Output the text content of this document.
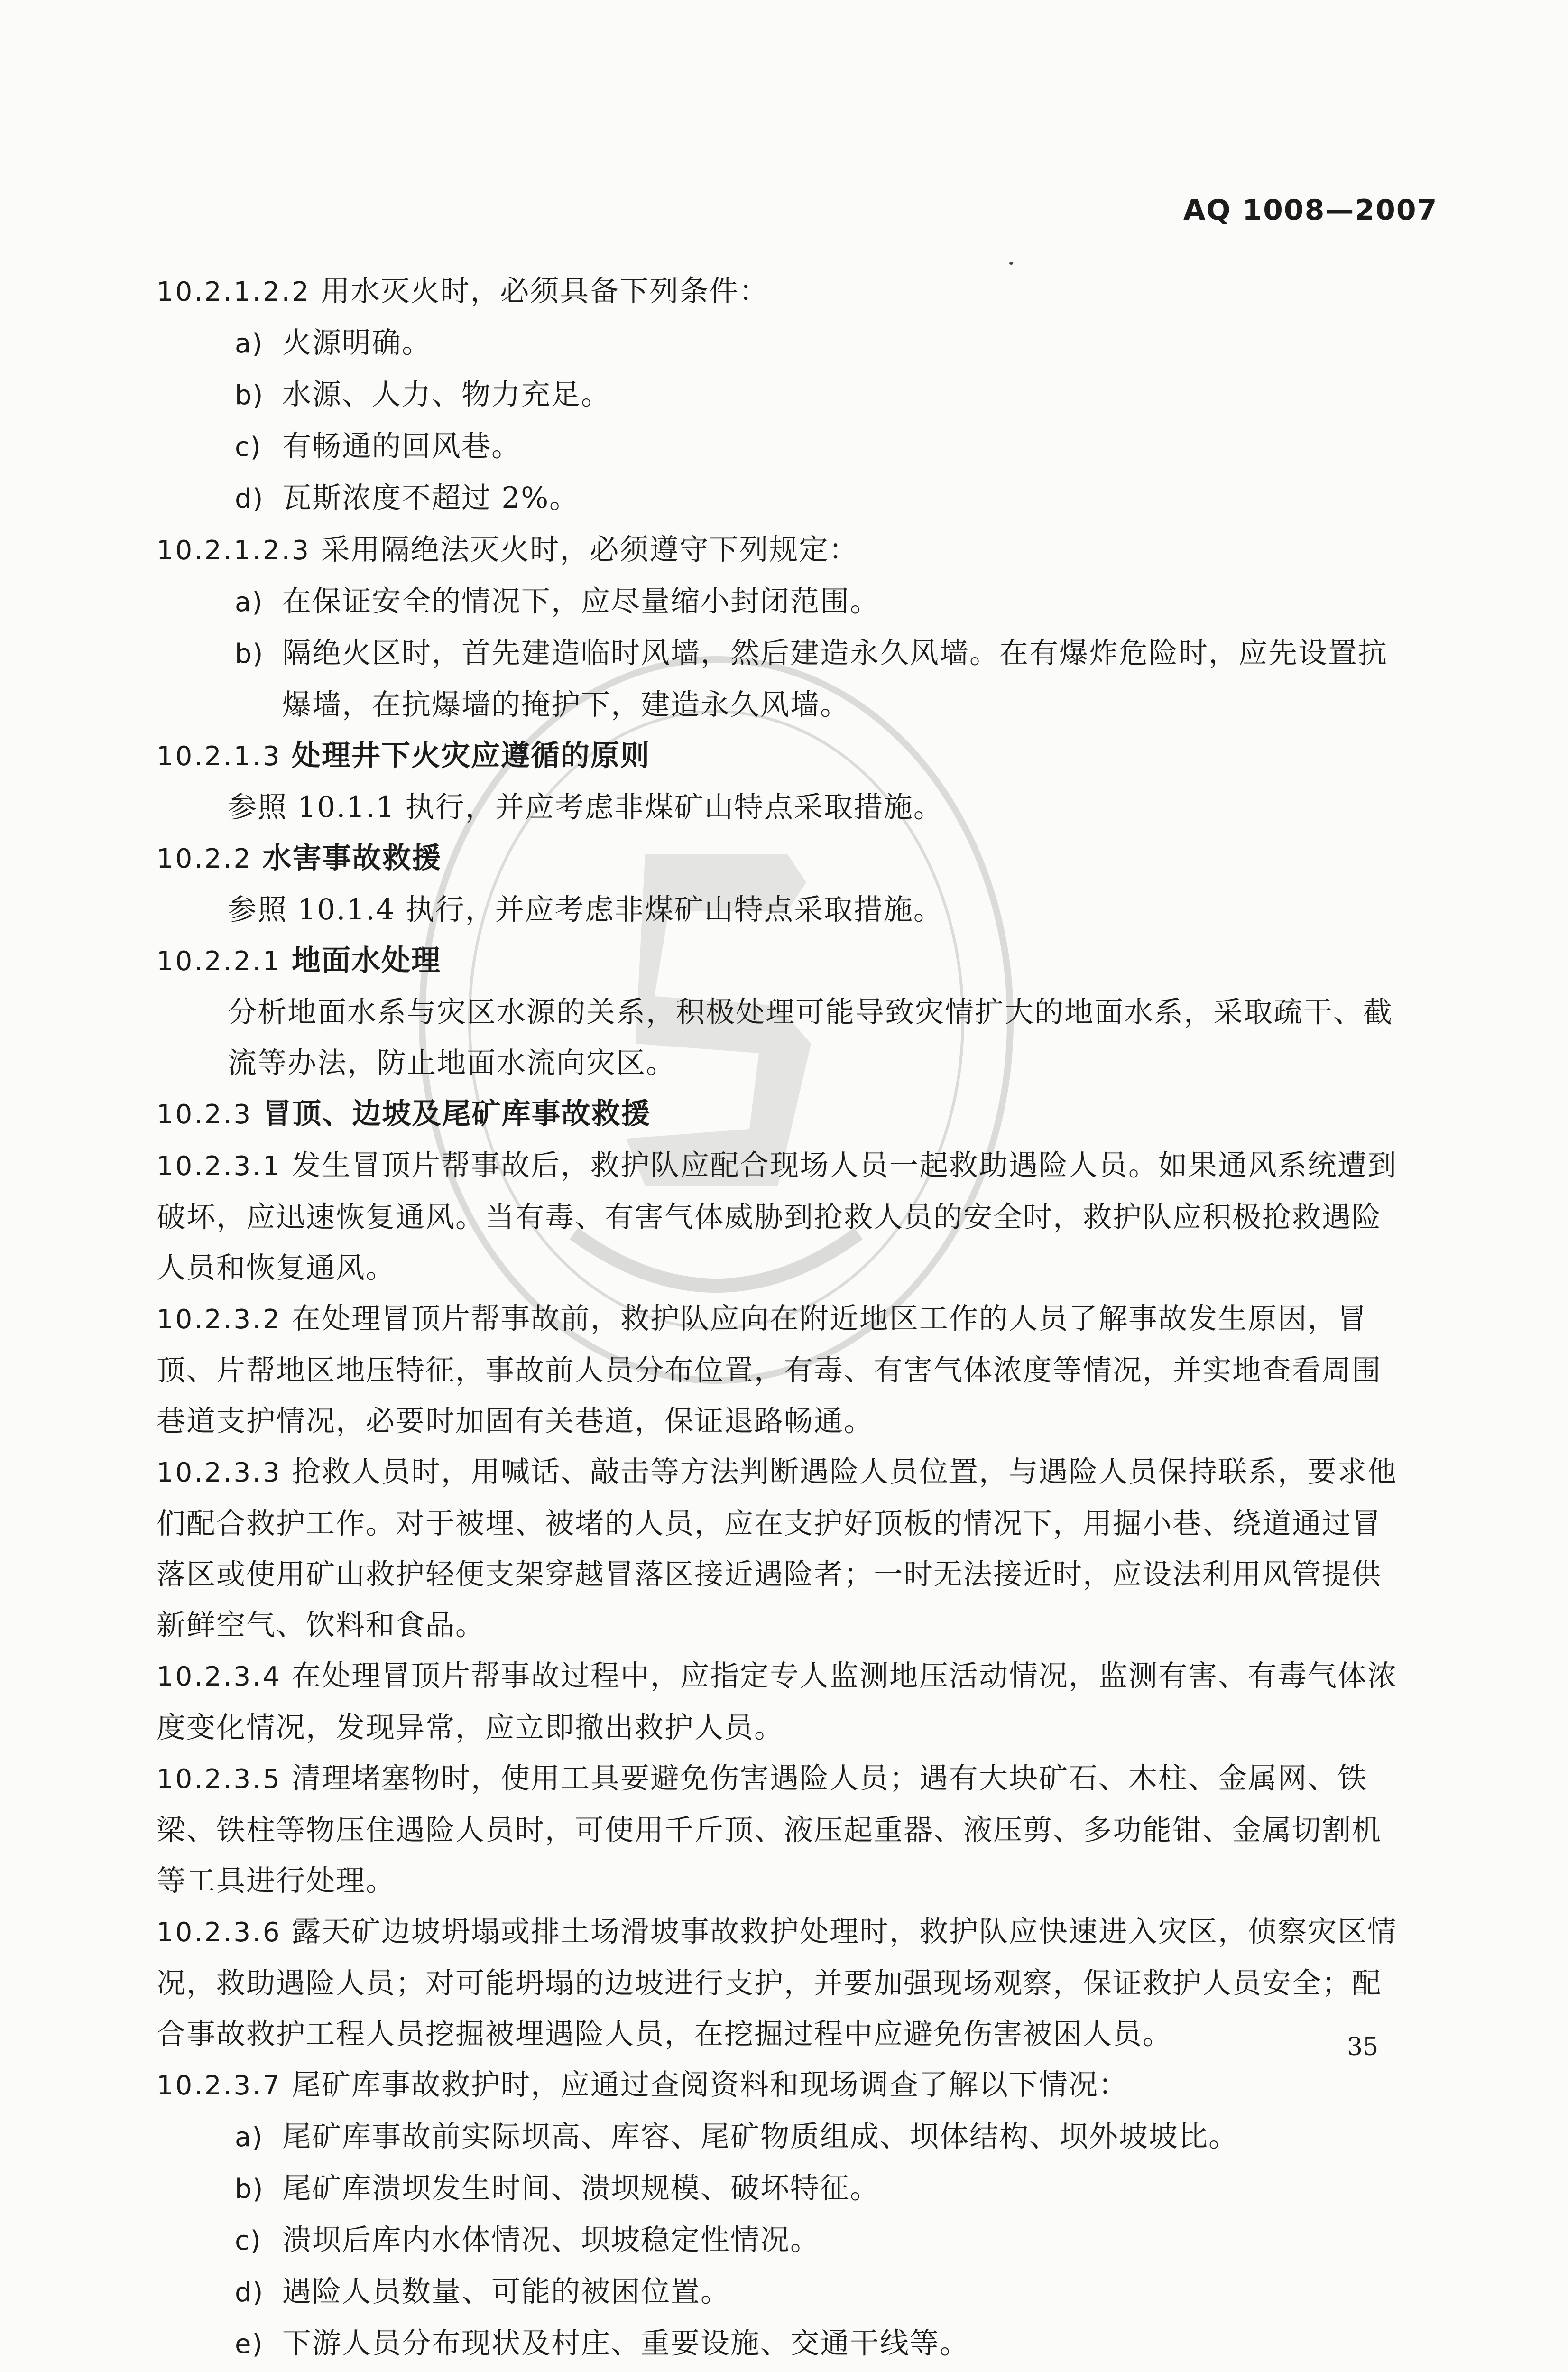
AQ 1008—2007

10.2.1.2.2 用水灭火时，必须具备下列条件：

a) 火源明确。

b) 水源、人力、物力充足。

c) 有畅通的回风巷。

d) 瓦斯浓度不超过 2%。

10.2.1.2.3 采用隔绝法灭火时，必须遵守下列规定：

a) 在保证安全的情况下，应尽量缩小封闭范围。

b) 隔绝火区时，首先建造临时风墙，然后建造永久风墙。在有爆炸危险时，应先设置抗爆墙，在抗爆墙的掩护下，建造永久风墙。

10.2.1.3 处理井下火灾应遵循的原则

参照 10.1.1 执行，并应考虑非煤矿山特点采取措施。

10.2.2 水害事故救援

参照 10.1.4 执行，并应考虑非煤矿山特点采取措施。

10.2.2.1 地面水处理

分析地面水系与灾区水源的关系，积极处理可能导致灾情扩大的地面水系，采取疏干、截流等办法，防止地面水流向灾区。

10.2.3 冒顶、边坡及尾矿库事故救援

10.2.3.1 发生冒顶片帮事故后，救护队应配合现场人员一起救助遇险人员。如果通风系统遭到破坏，应迅速恢复通风。当有毒、有害气体威胁到抢救人员的安全时，救护队应积极抢救遇险人员和恢复通风。

10.2.3.2 在处理冒顶片帮事故前，救护队应向在附近地区工作的人员了解事故发生原因，冒顶、片帮地区地压特征，事故前人员分布位置，有毒、有害气体浓度等情况，并实地查看周围巷道支护情况，必要时加固有关巷道，保证退路畅通。

10.2.3.3 抢救人员时，用喊话、敲击等方法判断遇险人员位置，与遇险人员保持联系，要求他们配合救护工作。对于被埋、被堵的人员，应在支护好顶板的情况下，用掘小巷、绕道通过冒落区或使用矿山救护轻便支架穿越冒落区接近遇险者；一时无法接近时，应设法利用风管提供新鲜空气、饮料和食品。

10.2.3.4 在处理冒顶片帮事故过程中，应指定专人监测地压活动情况，监测有害、有毒气体浓度变化情况，发现异常，应立即撤出救护人员。

10.2.3.5 清理堵塞物时，使用工具要避免伤害遇险人员；遇有大块矿石、木柱、金属网、铁梁、铁柱等物压住遇险人员时，可使用千斤顶、液压起重器、液压剪、多功能钳、金属切割机等工具进行处理。

10.2.3.6 露天矿边坡坍塌或排土场滑坡事故救护处理时，救护队应快速进入灾区，侦察灾区情况，救助遇险人员；对可能坍塌的边坡进行支护，并要加强现场观察，保证救护人员安全；配合事故救护工程人员挖掘被埋遇险人员，在挖掘过程中应避免伤害被困人员。

10.2.3.7 尾矿库事故救护时，应通过查阅资料和现场调查了解以下情况：

a) 尾矿库事故前实际坝高、库容、尾矿物质组成、坝体结构、坝外坡坡比。

b) 尾矿库溃坝发生时间、溃坝规模、破坏特征。

c) 溃坝后库内水体情况、坝坡稳定性情况。

d) 遇险人员数量、可能的被困位置。

e) 下游人员分布现状及村庄、重要设施、交通干线等。

35
